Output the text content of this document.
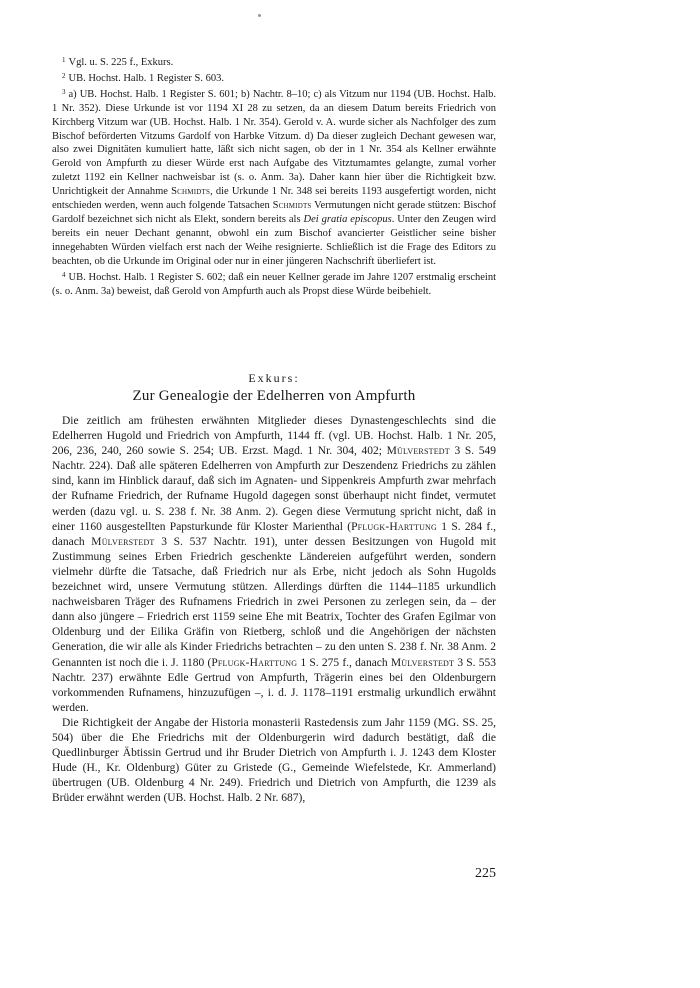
$^1$ Vgl. u. S. 225 f., Exkurs.

$^2$ UB. Hochst. Halb. 1 Register S. 603.

$^3$ a) UB. Hochst. Halb. 1 Register S. 601; b) Nachtr. 8–10; c) als Vitzum nur 1194 (UB. Hochst. Halb. 1 Nr. 352). Diese Urkunde ist vor 1194 XI 28 zu setzen, da an diesem Datum bereits Friedrich von Kirchberg Vitzum war (UB. Hochst. Halb. 1 Nr. 354). Gerold v. A. wurde sicher als Nachfolger des zum Bischof beförderten Vitzums Gardolf von Harbke Vitzum. d) Da dieser zugleich Dechant gewesen war, also zwei Dignitäten kumuliert hatte, läßt sich nicht sagen, ob der in 1 Nr. 354 als Kellner erwähnte Gerold von Ampfurth zu dieser Würde erst nach Aufgabe des Vitztumamtes gelangte, zumal vorher zuletzt 1192 ein Kellner nachweisbar ist (s. o. Anm. 3a). Daher kann hier über die Richtigkeit bzw. Unrichtigkeit der Annahme Schmidts, die Urkunde 1 Nr. 348 sei bereits 1193 ausgefertigt worden, nicht entschieden werden, wenn auch folgende Tatsachen Schmidts Vermutungen nicht gerade stützen: Bischof Gardolf bezeichnet sich nicht als Elekt, sondern bereits als Dei gratia episcopus. Unter den Zeugen wird bereits ein neuer Dechant genannt, obwohl ein zum Bischof avancierter Geistlicher seine bisher innegehabten Würden vielfach erst nach der Weihe resignierte. Schließlich ist die Frage des Editors zu beachten, ob die Urkunde im Original oder nur in einer jüngeren Nachschrift überliefert ist.

$^4$ UB. Hochst. Halb. 1 Register S. 602; daß ein neuer Kellner gerade im Jahre 1207 erstmalig erscheint (s. o. Anm. 3a) beweist, daß Gerold von Ampfurth auch als Propst diese Würde beibehielt.

Exkurs:
Zur Genealogie der Edelherren von Ampfurth

Die zeitlich am frühesten erwähnten Mitglieder dieses Dynastengeschlechts sind die Edelherren Hugold und Friedrich von Ampfurth, 1144 ff. (vgl. UB. Hochst. Halb. 1 Nr. 205, 206, 236, 240, 260 sowie S. 254; UB. Erzst. Magd. 1 Nr. 304, 402; Mülverstedt 3 S. 549 Nachtr. 224). Daß alle späteren Edelherren von Ampfurth zur Deszendenz Friedrichs zu zählen sind, kann im Hinblick darauf, daß sich im Agnaten- und Sippenkreis Ampfurth zwar mehrfach der Rufname Friedrich, der Rufname Hugold dagegen sonst überhaupt nicht findet, vermutet werden (dazu vgl. u. S. 238 f. Nr. 38 Anm. 2). Gegen diese Vermutung spricht nicht, daß in einer 1160 ausgestellten Papsturkunde für Kloster Marienthal (Pflugk-Harttung 1 S. 284 f., danach Mülverstedt 3 S. 537 Nachtr. 191), unter dessen Besitzungen von Hugold mit Zustimmung seines Erben Friedrich geschenkte Ländereien aufgeführt werden, sondern vielmehr dürfte die Tatsache, daß Friedrich nur als Erbe, nicht jedoch als Sohn Hugolds bezeichnet wird, unsere Vermutung stützen. Allerdings dürften die 1144–1185 urkundlich nachweisbaren Träger des Rufnamens Friedrich in zwei Personen zu zerlegen sein, da – der dann also jüngere – Friedrich erst 1159 seine Ehe mit Beatrix, Tochter des Grafen Egilmar von Oldenburg und der Eilika Gräfin von Rietberg, schloß und die Angehörigen der nächsten Generation, die wir alle als Kinder Friedrichs betrachten – zu den unten S. 238 f. Nr. 38 Anm. 2 Genannten ist noch die i. J. 1180 (Pflugk-Harttung 1 S. 275 f., danach Mülverstedt 3 S. 553 Nachtr. 237) erwähnte Edle Gertrud von Ampfurth, Trägerin eines bei den Oldenburgern vorkommenden Rufnamens, hinzuzufügen –, i. d. J. 1178–1191 erstmalig urkundlich erwähnt werden.

Die Richtigkeit der Angabe der Historia monasterii Rastedensis zum Jahr 1159 (MG. SS. 25, 504) über die Ehe Friedrichs mit der Oldenburgerin wird dadurch bestätigt, daß die Quedlinburger Äbtissin Gertrud und ihr Bruder Dietrich von Ampfurth i. J. 1243 dem Kloster Hude (H., Kr. Oldenburg) Güter zu Gristede (G., Gemeinde Wiefelstede, Kr. Ammerland) übertrugen (UB. Oldenburg 4 Nr. 249). Friedrich und Dietrich von Ampfurth, die 1239 als Brüder erwähnt werden (UB. Hochst. Halb. 2 Nr. 687),

225
